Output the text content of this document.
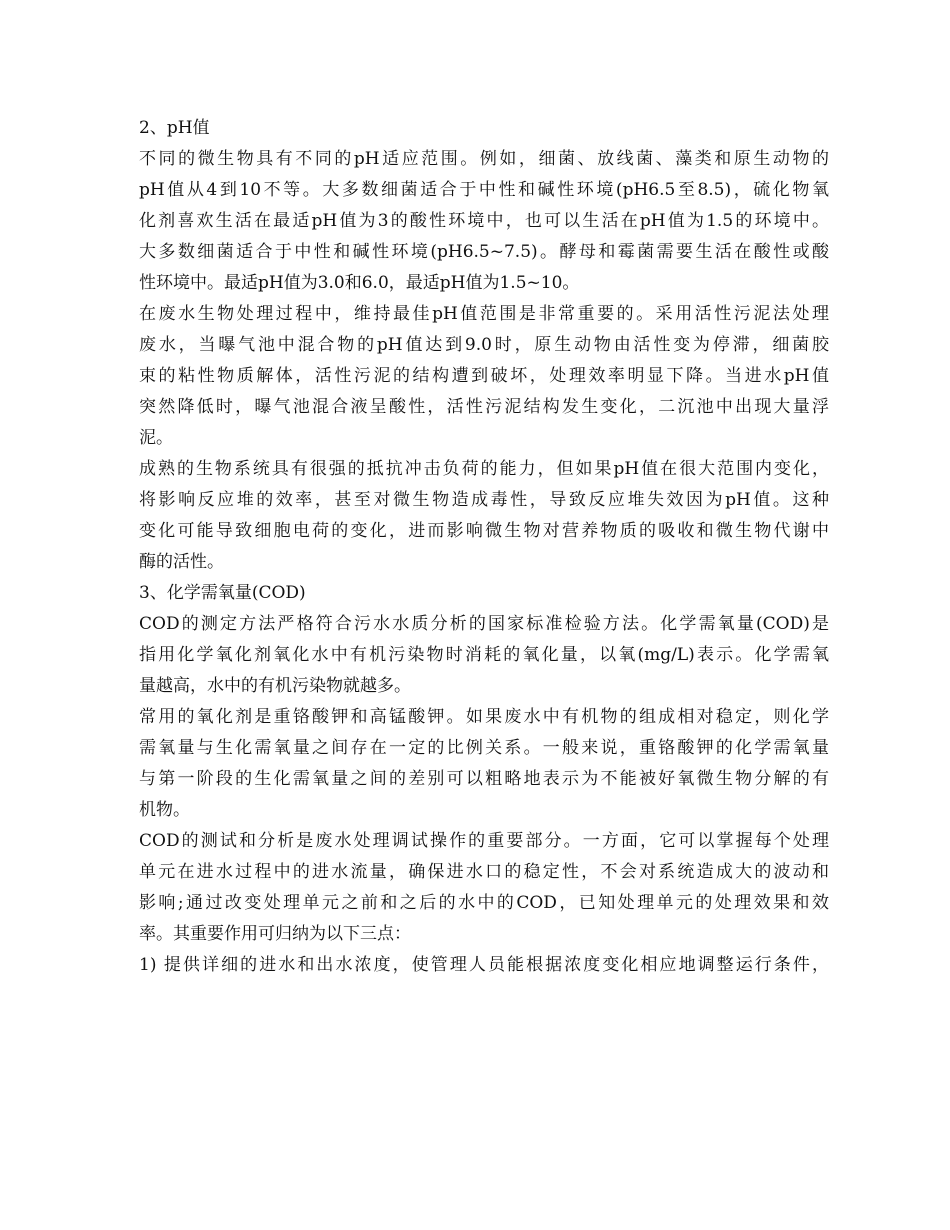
2、pH值
不同的微生物具有不同的pH适应范围。例如，细菌、放线菌、藻类和原生动物的
pH值从4到10不等。大多数细菌适合于中性和碱性环境(pH6.5至8.5)，硫化物氧
化剂喜欢生活在最适pH值为3的酸性环境中，也可以生活在pH值为1.5的环境中。
大多数细菌适合于中性和碱性环境(pH6.5~7.5)。酵母和霉菌需要生活在酸性或酸
性环境中。最适pH值为3.0和6.0，最适pH值为1.5~10。
在废水生物处理过程中，维持最佳pH值范围是非常重要的。采用活性污泥法处理
废水，当曝气池中混合物的pH值达到9.0时，原生动物由活性变为停滞，细菌胶
束的粘性物质解体，活性污泥的结构遭到破坏，处理效率明显下降。当进水pH值
突然降低时，曝气池混合液呈酸性，活性污泥结构发生变化，二沉池中出现大量浮
泥。
成熟的生物系统具有很强的抵抗冲击负荷的能力，但如果pH值在很大范围内变化，
将影响反应堆的效率，甚至对微生物造成毒性，导致反应堆失效因为pH值。这种
变化可能导致细胞电荷的变化，进而影响微生物对营养物质的吸收和微生物代谢中
酶的活性。
3、化学需氧量(COD)
COD的测定方法严格符合污水水质分析的国家标准检验方法。化学需氧量(COD)是
指用化学氧化剂氧化水中有机污染物时消耗的氧化量，以氧(mg/L)表示。化学需氧
量越高，水中的有机污染物就越多。
常用的氧化剂是重铬酸钾和高锰酸钾。如果废水中有机物的组成相对稳定，则化学
需氧量与生化需氧量之间存在一定的比例关系。一般来说，重铬酸钾的化学需氧量
与第一阶段的生化需氧量之间的差别可以粗略地表示为不能被好氧微生物分解的有
机物。
COD的测试和分析是废水处理调试操作的重要部分。一方面，它可以掌握每个处理
单元在进水过程中的进水流量，确保进水口的稳定性，不会对系统造成大的波动和
影响;通过改变处理单元之前和之后的水中的COD，已知处理单元的处理效果和效
率。其重要作用可归纳为以下三点：
1) 提供详细的进水和出水浓度，使管理人员能根据浓度变化相应地调整运行条件，
